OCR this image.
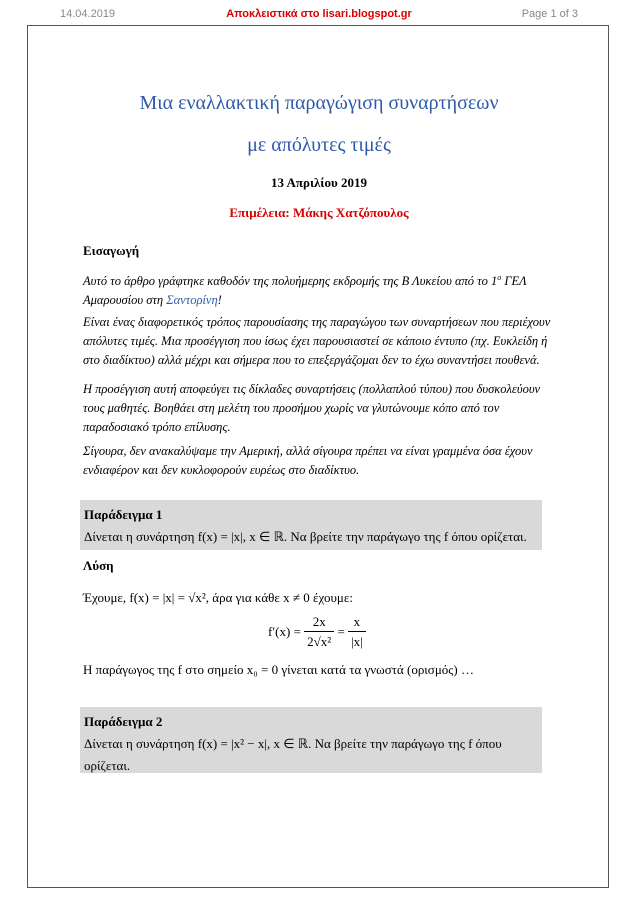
14.04.2019	Αποκλειστικά στο lisari.blogspot.gr	Page 1 of 3
Μια εναλλακτική παραγώγιση συναρτήσεων
με απόλυτες τιμές
13 Απριλίου 2019
Επιμέλεια: Μάκης Χατζόπουλος
Εισαγωγή
Αυτό το άρθρο γράφτηκε καθοδόν της πολυήμερης εκδρομής της Β Λυκείου από το $1^o$ ΓΕΛ Αμαρουσίου στη Σαντορίνη!
Είναι ένας διαφορετικός τρόπος παρουσίασης της παραγώγου των συναρτήσεων που περιέχουν απόλυτες τιμές. Μια προσέγγιση που ίσως έχει παρουσιαστεί σε κάποιο έντυπο (πχ. Ευκλείδη ή στο διαδίκτυο) αλλά μέχρι και σήμερα που το επεξεργάζομαι δεν το έχω συναντήσει πουθενά.
Η προσέγγιση αυτή αποφεύγει τις δίκλαδες συναρτήσεις (πολλαπλού τύπου) που δυσκολεύουν τους μαθητές. Βοηθάει στη μελέτη του προσήμου χωρίς να γλυτώνουμε κόπο από τον παραδοσιακό τρόπο επίλυσης.
Σίγουρα, δεν ανακαλύψαμε την Αμερική, αλλά σίγουρα πρέπει να είναι γραμμένα όσα έχουν ενδιαφέρον και δεν κυκλοφορούν ευρέως στο διαδίκτυο.
Παράδειγμα 1
Δίνεται η συνάρτηση f(x) = |x|, x ∈ ℝ. Να βρείτε την παράγωγο της f όπου ορίζεται.
Λύση
Έχουμε, f(x) = |x| = √x², άρα για κάθε x ≠ 0 έχουμε:
$f'(x) = \frac{2x}{\text{2√x²}} = \frac{x}{|x|}$
Η παράγωγος της f στο σημείο x₀ = 0 γίνεται κατά τα γνωστά (ορισμός) …
Παράδειγμα 2
Δίνεται η συνάρτηση f(x) = |x² − x|, x ∈ ℝ. Να βρείτε την παράγωγο της f όπου
ορίζεται.
